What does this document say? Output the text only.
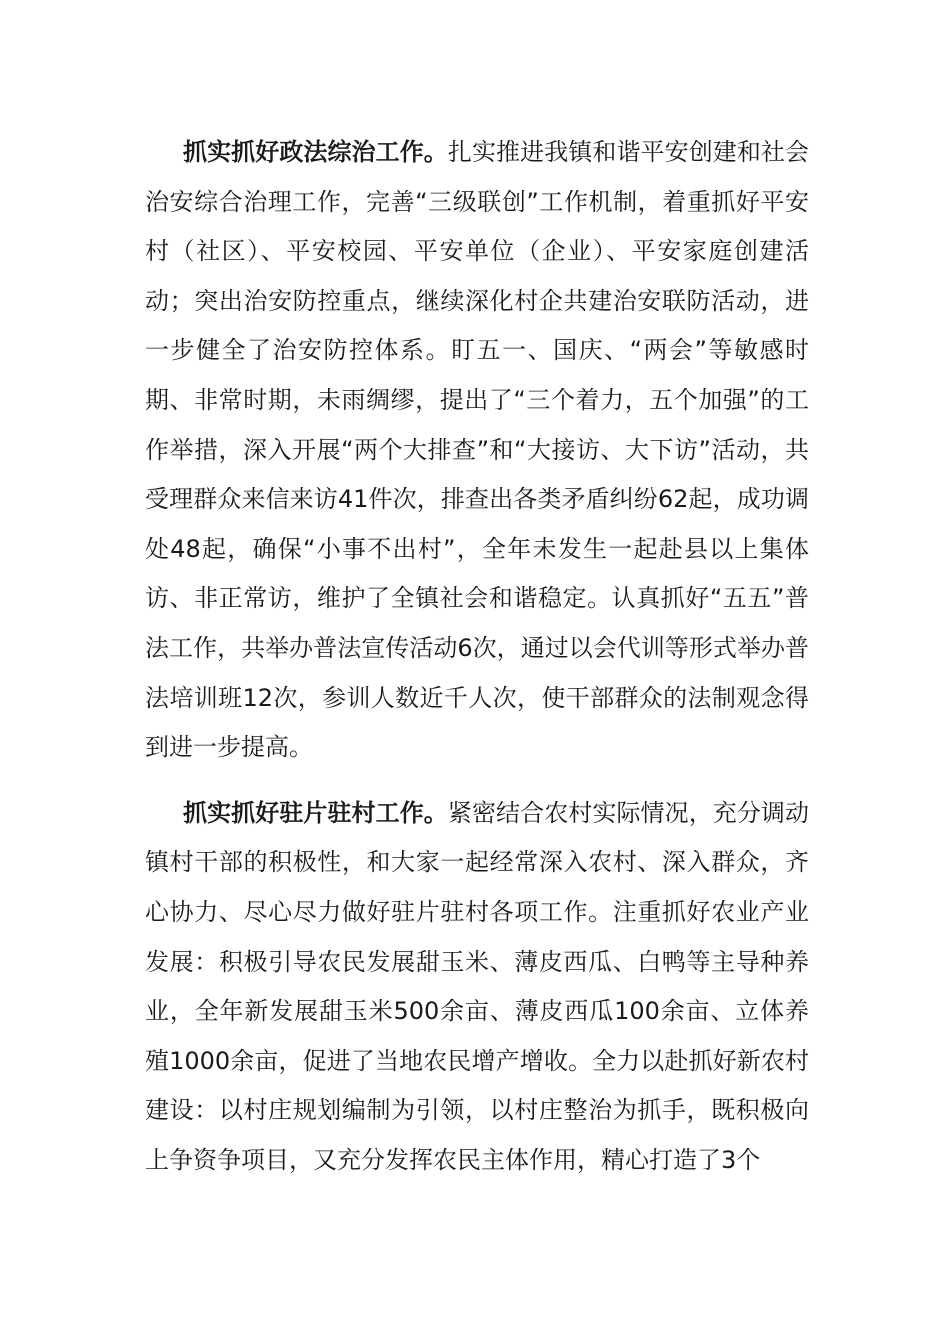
抓实抓好政法综治工作。扎实推进我镇和谐平安创建和社会治安综合治理工作，完善“三级联创”工作机制，着重抓好平安村（社区）、平安校园、平安单位（企业）、平安家庭创建活动；突出治安防控重点，继续深化村企共建治安联防活动，进一步健全了治安防控体系。盯五一、国庆、“两会”等敏感时期、非常时期，未雨绸缪，提出了“三个着力，五个加强”的工作举措，深入开展“两个大排查”和“大接访、大下访”活动，共受理群众来信来访41件次，排查出各类矛盾纠纷62起，成功调处48起，确保“小事不出村”，全年未发生一起赴县以上集体访、非正常访，维护了全镇社会和谐稳定。认真抓好“五五”普法工作，共举办普法宣传活动6次，通过以会代训等形式举办普法培训班12次，参训人数近千人次，使干部群众的法制观念得到进一步提高。

抓实抓好驻片驻村工作。紧密结合农村实际情况，充分调动镇村干部的积极性，和大家一起经常深入农村、深入群众，齐心协力、尽心尽力做好驻片驻村各项工作。注重抓好农业产业发展：积极引导农民发展甜玉米、薄皮西瓜、白鸭等主导种养业，全年新发展甜玉米500余亩、薄皮西瓜100余亩、立体养殖1000余亩，促进了当地农民增产增收。全力以赴抓好新农村建设：以村庄规划编制为引领，以村庄整治为抓手，既积极向上争资争项目，又充分发挥农民主体作用，精心打造了3个
